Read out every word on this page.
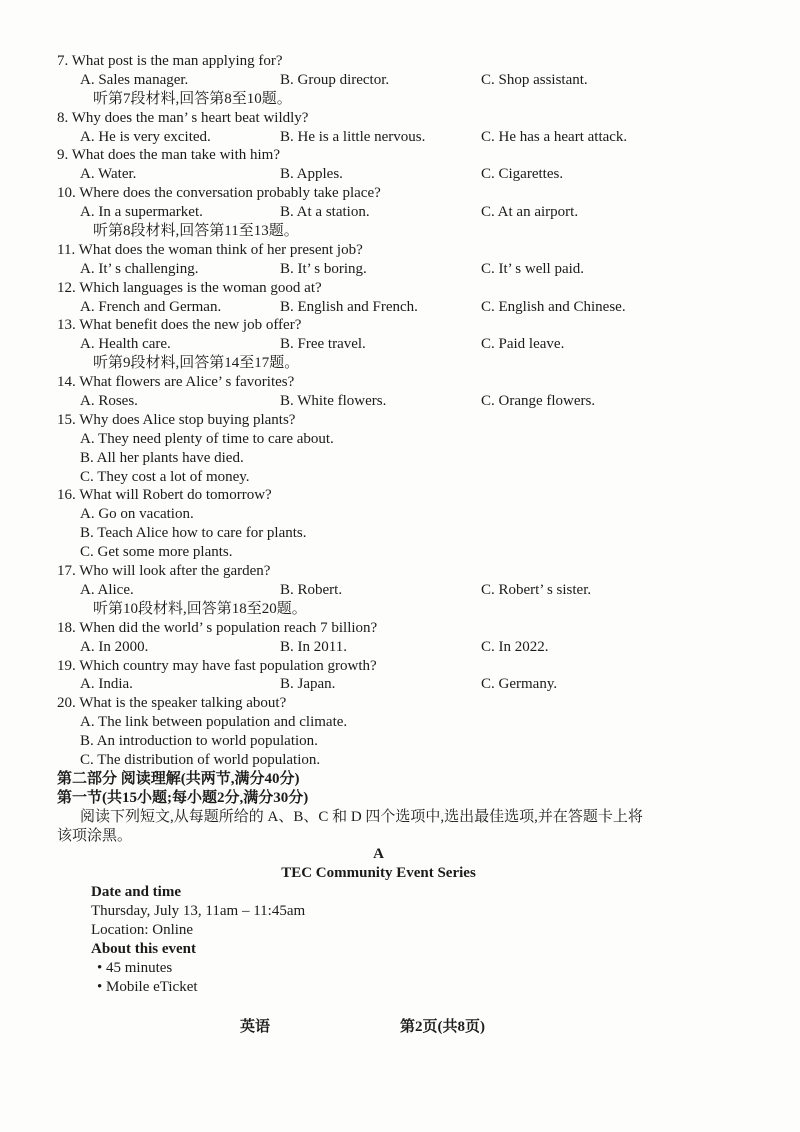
7. What post is the man applying for?
A. Sales manager.	B. Group director.	C. Shop assistant.
听第7段材料,回答第8至10题。
8. Why does the man’ s heart beat wildly?
A. He is very excited.	B. He is a little nervous.	C. He has a heart attack.
9. What does the man take with him?
A. Water.	B. Apples.	C. Cigarettes.
10. Where does the conversation probably take place?
A. In a supermarket.	B. At a station.	C. At an airport.
听第8段材料,回答第11至13题。
11. What does the woman think of her present job?
A. It’ s challenging.	B. It’ s boring.	C. It’ s well paid.
12. Which languages is the woman good at?
A. French and German.	B. English and French.	C. English and Chinese.
13. What benefit does the new job offer?
A. Health care.	B. Free travel.	C. Paid leave.
听第9段材料,回答第14至17题。
14. What flowers are Alice’ s favorites?
A. Roses.	B. White flowers.	C. Orange flowers.
15. Why does Alice stop buying plants?
A. They need plenty of time to care about.
B. All her plants have died.
C. They cost a lot of money.
16. What will Robert do tomorrow?
A. Go on vacation.
B. Teach Alice how to care for plants.
C. Get some more plants.
17. Who will look after the garden?
A. Alice.	B. Robert.	C. Robert’ s sister.
听第10段材料,回答第18至20题。
18. When did the world’ s population reach 7 billion?
A. In 2000.	B. In 2011.	C. In 2022.
19. Which country may have fast population growth?
A. India.	B. Japan.	C. Germany.
20. What is the speaker talking about?
A. The link between population and climate.
B. An introduction to world population.
C. The distribution of world population.
第二部分 阅读理解(共两节,满分40分)
第一节(共15小题;每小题2分,满分30分)
阅读下列短文,从每题所给的 A、B、C 和 D 四个选项中,选出最佳选项,并在答题卡上将
该项涂黑。
A
TEC Community Event Series
Date and time
Thursday, July 13, 11am – 11:45am
Location: Online
About this event
• 45 minutes
• Mobile eTicket
英语	第2页(共8页)
